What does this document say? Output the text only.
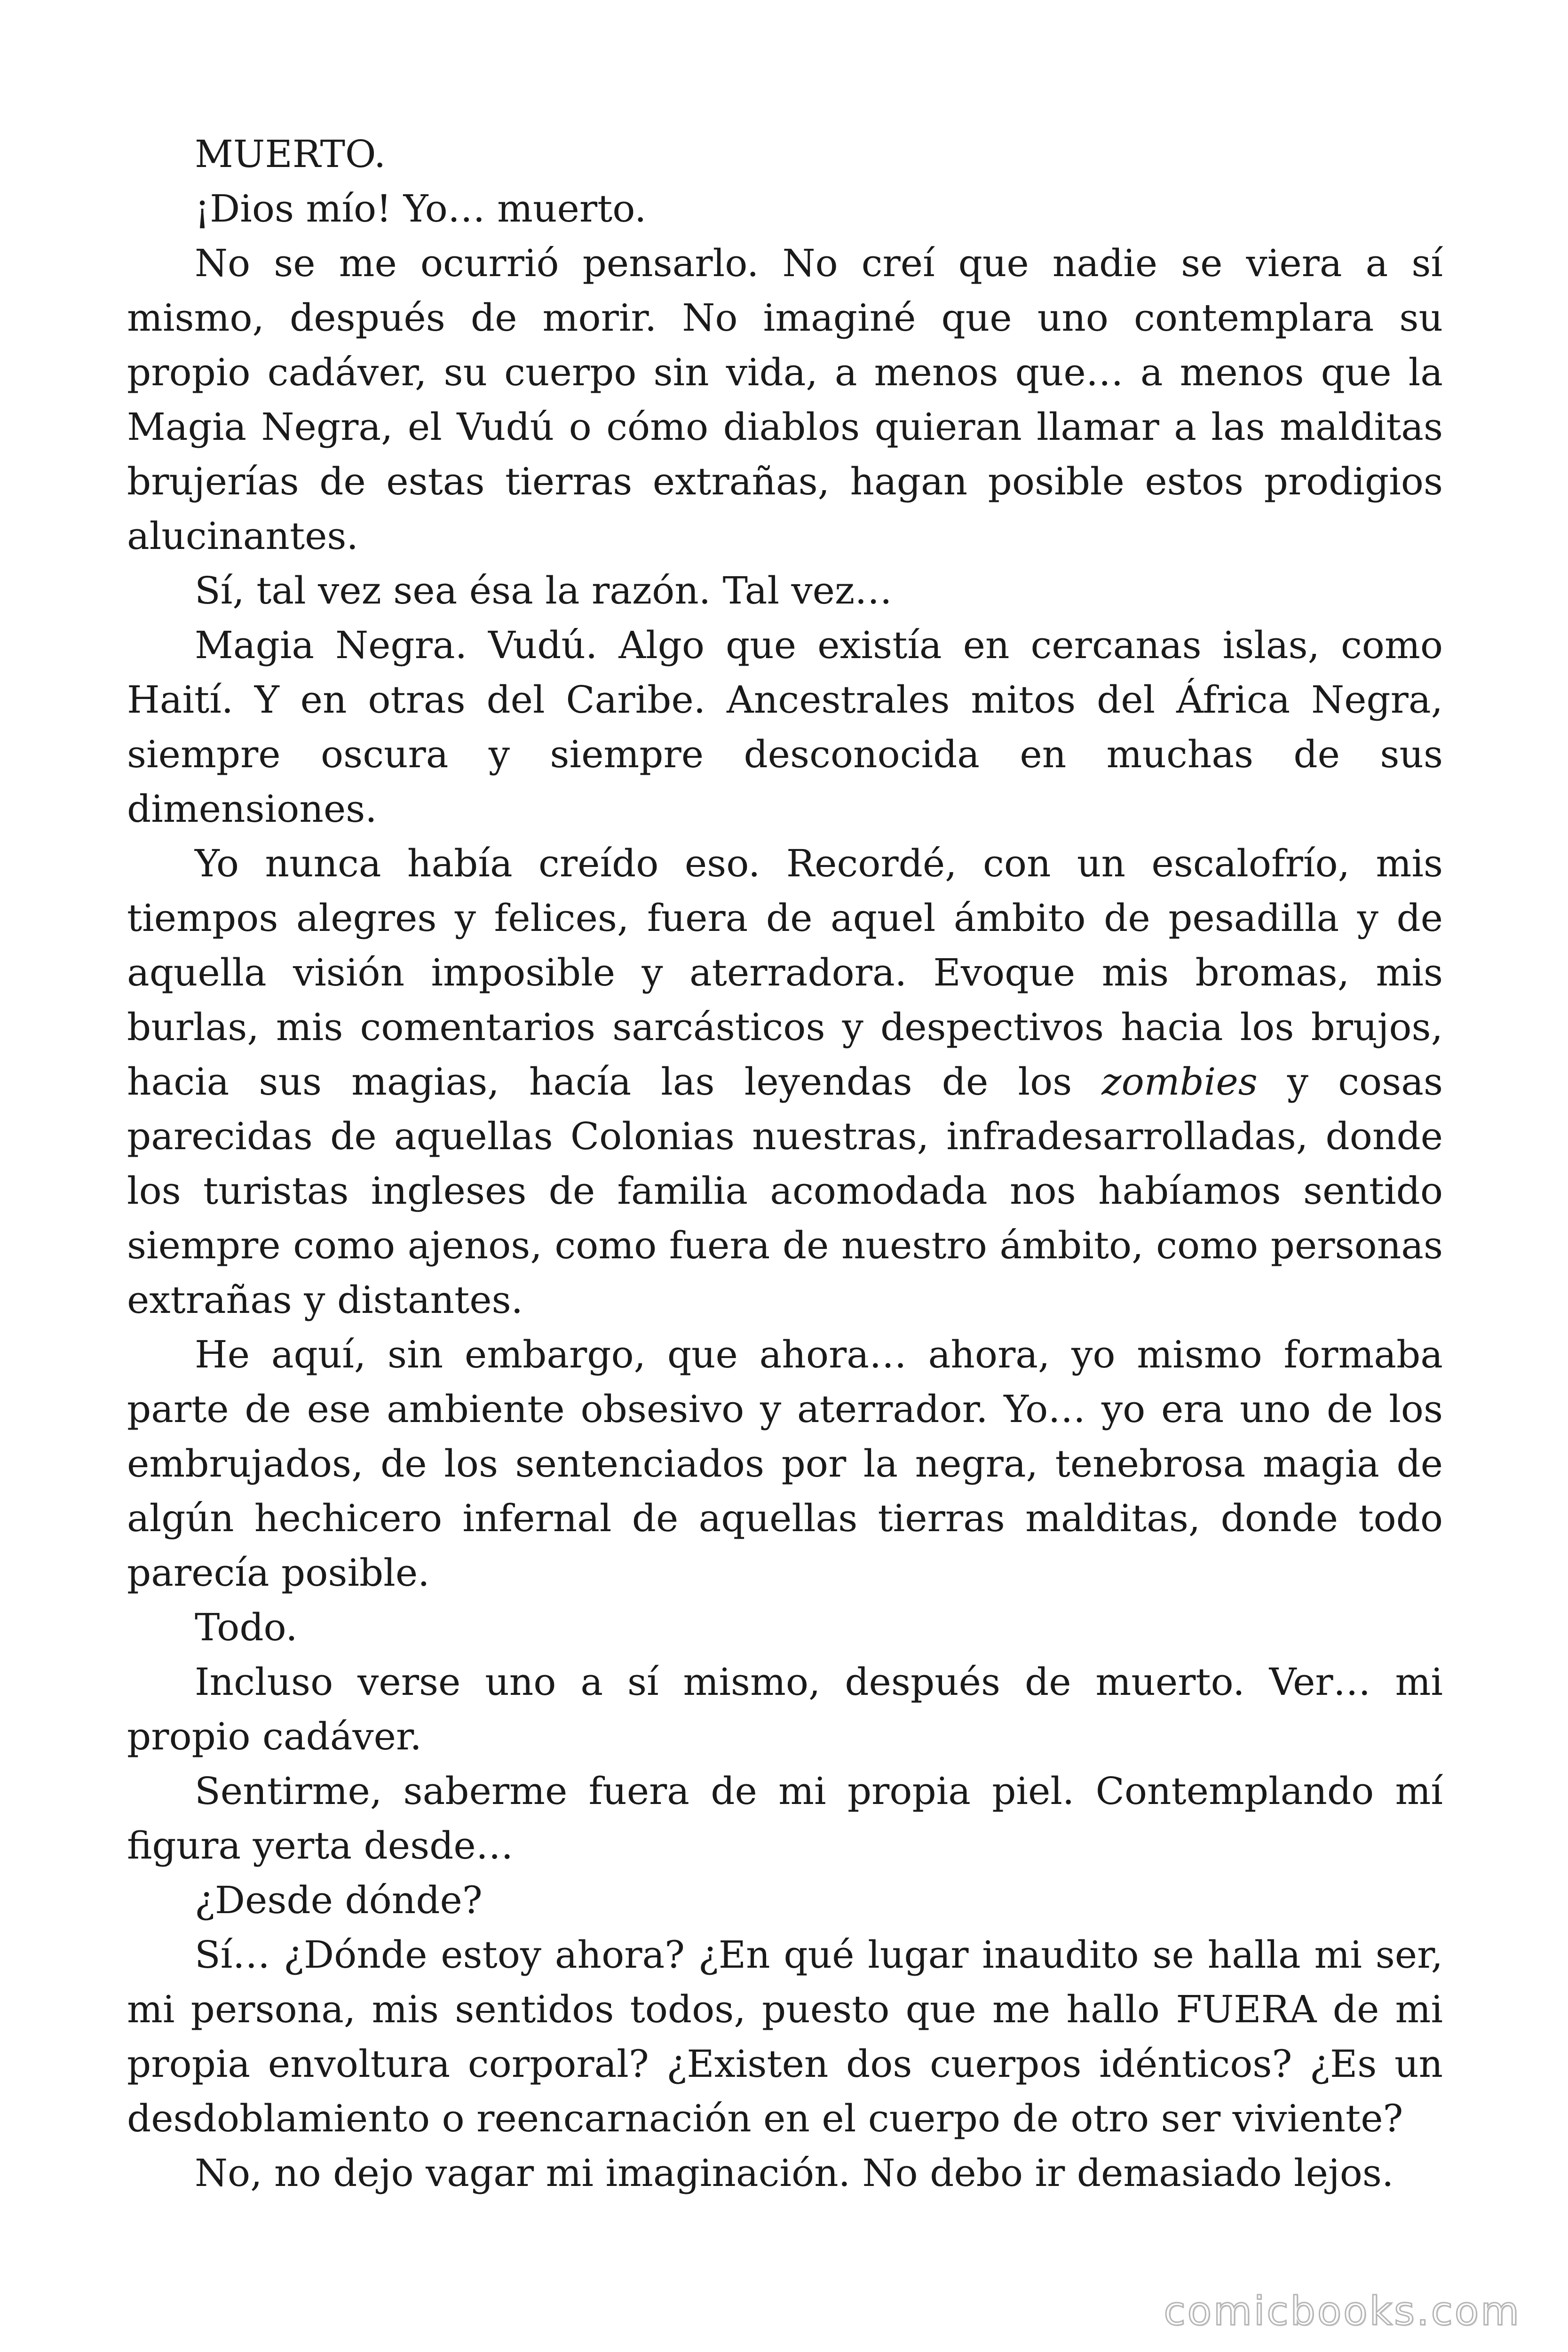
MUERTO.

¡Dios mío! Yo… muerto.

No se me ocurrió pensarlo. No creí que nadie se viera a sí mismo, después de morir. No imaginé que uno contemplara su propio cadáver, su cuerpo sin vida, a menos que… a menos que la Magia Negra, el Vudú o cómo diablos quieran llamar a las malditas brujerías de estas tierras extrañas, hagan posible estos prodigios alucinantes.

Sí, tal vez sea ésa la razón. Tal vez…

Magia Negra. Vudú. Algo que existía en cercanas islas, como Haití. Y en otras del Caribe. Ancestrales mitos del África Negra, siempre oscura y siempre desconocida en muchas de sus dimensiones.

Yo nunca había creído eso. Recordé, con un escalofrío, mis tiempos alegres y felices, fuera de aquel ámbito de pesadilla y de aquella visión imposible y aterradora. Evoque mis bromas, mis burlas, mis comentarios sarcásticos y despectivos hacia los brujos, hacia sus magias, hacía las leyendas de los zombies y cosas parecidas de aquellas Colonias nuestras, infradesarrolladas, donde los turistas ingleses de familia acomodada nos habíamos sentido siempre como ajenos, como fuera de nuestro ámbito, como personas extrañas y distantes.

He aquí, sin embargo, que ahora… ahora, yo mismo formaba parte de ese ambiente obsesivo y aterrador. Yo… yo era uno de los embrujados, de los sentenciados por la negra, tenebrosa magia de algún hechicero infernal de aquellas tierras malditas, donde todo parecía posible.

Todo.

Incluso verse uno a sí mismo, después de muerto. Ver… mi propio cadáver.

Sentirme, saberme fuera de mi propia piel. Contemplando mí figura yerta desde…

¿Desde dónde?

Sí… ¿Dónde estoy ahora? ¿En qué lugar inaudito se halla mi ser, mi persona, mis sentidos todos, puesto que me hallo FUERA de mi propia envoltura corporal? ¿Existen dos cuerpos idénticos? ¿Es un desdoblamiento o reencarnación en el cuerpo de otro ser viviente?

No, no dejo vagar mi imaginación. No debo ir demasiado lejos.

comicbooks.com
